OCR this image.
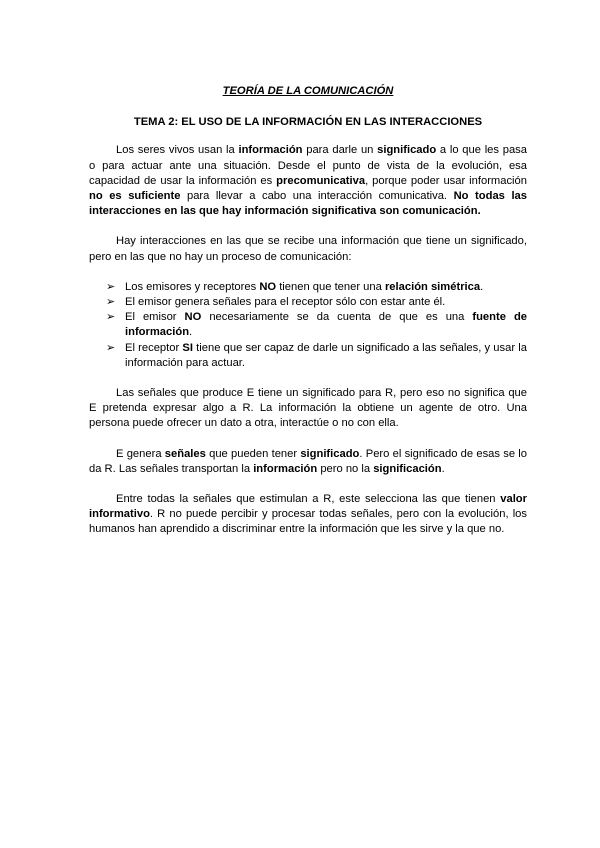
TEORÍA DE LA COMUNICACIÓN
TEMA 2: EL USO DE LA INFORMACIÓN EN LAS INTERACCIONES

Los seres vivos usan la información para darle un significado a lo que les pasa o para actuar ante una situación. Desde el punto de vista de la evolución, esa capacidad de usar la información es precomunicativa, porque poder usar información no es suficiente para llevar a cabo una interacción comunicativa. No todas las interacciones en las que hay información significativa son comunicación.

Hay interacciones en las que se recibe una información que tiene un significado, pero en las que no hay un proceso de comunicación:

➢ Los emisores y receptores NO tienen que tener una relación simétrica.
➢ El emisor genera señales para el receptor sólo con estar ante él.
➢ El emisor NO necesariamente se da cuenta de que es una fuente de información.
➢ El receptor SI tiene que ser capaz de darle un significado a las señales, y usar la información para actuar.

Las señales que produce E tiene un significado para R, pero eso no significa que E pretenda expresar algo a R. La información la obtiene un agente de otro. Una persona puede ofrecer un dato a otra, interactúe o no con ella.

E genera señales que pueden tener significado. Pero el significado de esas se lo da R. Las señales transportan la información pero no la significación.

Entre todas la señales que estimulan a R, este selecciona las que tienen valor informativo. R no puede percibir y procesar todas señales, pero con la evolución, los humanos han aprendido a discriminar entre la información que les sirve y la que no.
